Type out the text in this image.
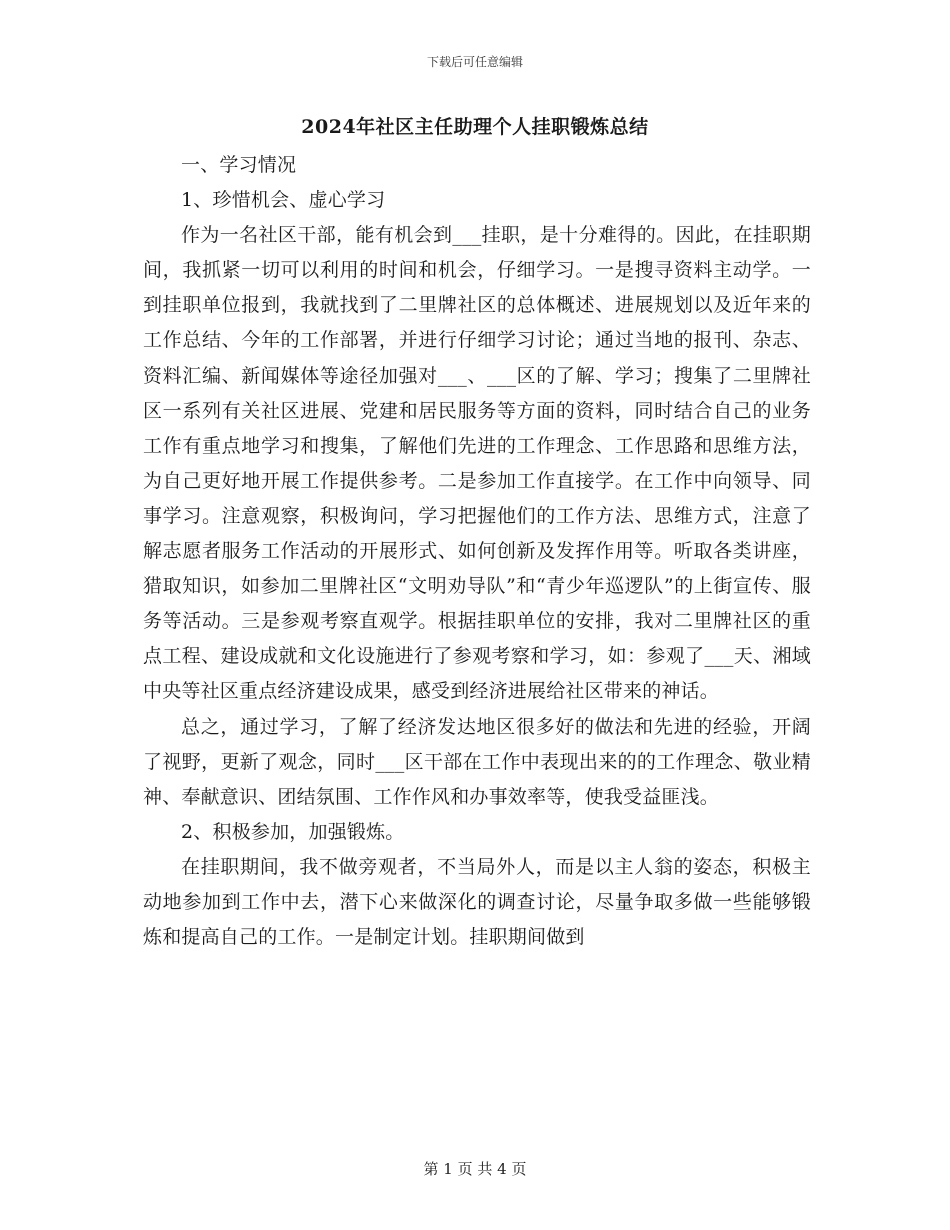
下载后可任意编辑
2024年社区主任助理个人挂职锻炼总结

一、学习情况

1、珍惜机会、虚心学习

作为一名社区干部，能有机会到___挂职，是十分难得的。因此，在挂职期间，我抓紧一切可以利用的时间和机会，仔细学习。一是搜寻资料主动学。一到挂职单位报到，我就找到了二里牌社区的总体概述、进展规划以及近年来的工作总结、今年的工作部署，并进行仔细学习讨论；通过当地的报刊、杂志、资料汇编、新闻媒体等途径加强对___、___区的了解、学习；搜集了二里牌社区一系列有关社区进展、党建和居民服务等方面的资料，同时结合自己的业务工作有重点地学习和搜集，了解他们先进的工作理念、工作思路和思维方法，为自己更好地开展工作提供参考。二是参加工作直接学。在工作中向领导、同事学习。注意观察，积极询问，学习把握他们的工作方法、思维方式，注意了解志愿者服务工作活动的开展形式、如何创新及发挥作用等。听取各类讲座，猎取知识，如参加二里牌社区“文明劝导队”和“青少年巡逻队”的上街宣传、服务等活动。三是参观考察直观学。根据挂职单位的安排，我对二里牌社区的重点工程、建设成就和文化设施进行了参观考察和学习，如：参观了___天、湘域中央等社区重点经济建设成果，感受到经济进展给社区带来的神话。

总之，通过学习，了解了经济发达地区很多好的做法和先进的经验，开阔了视野，更新了观念，同时___区干部在工作中表现出来的的工作理念、敬业精神、奉献意识、团结氛围、工作作风和办事效率等，使我受益匪浅。

2、积极参加，加强锻炼。

在挂职期间，我不做旁观者，不当局外人，而是以主人翁的姿态，积极主动地参加到工作中去，潜下心来做深化的调查讨论，尽量争取多做一些能够锻炼和提高自己的工作。一是制定计划。挂职期间做到

第 1 页 共 4 页
